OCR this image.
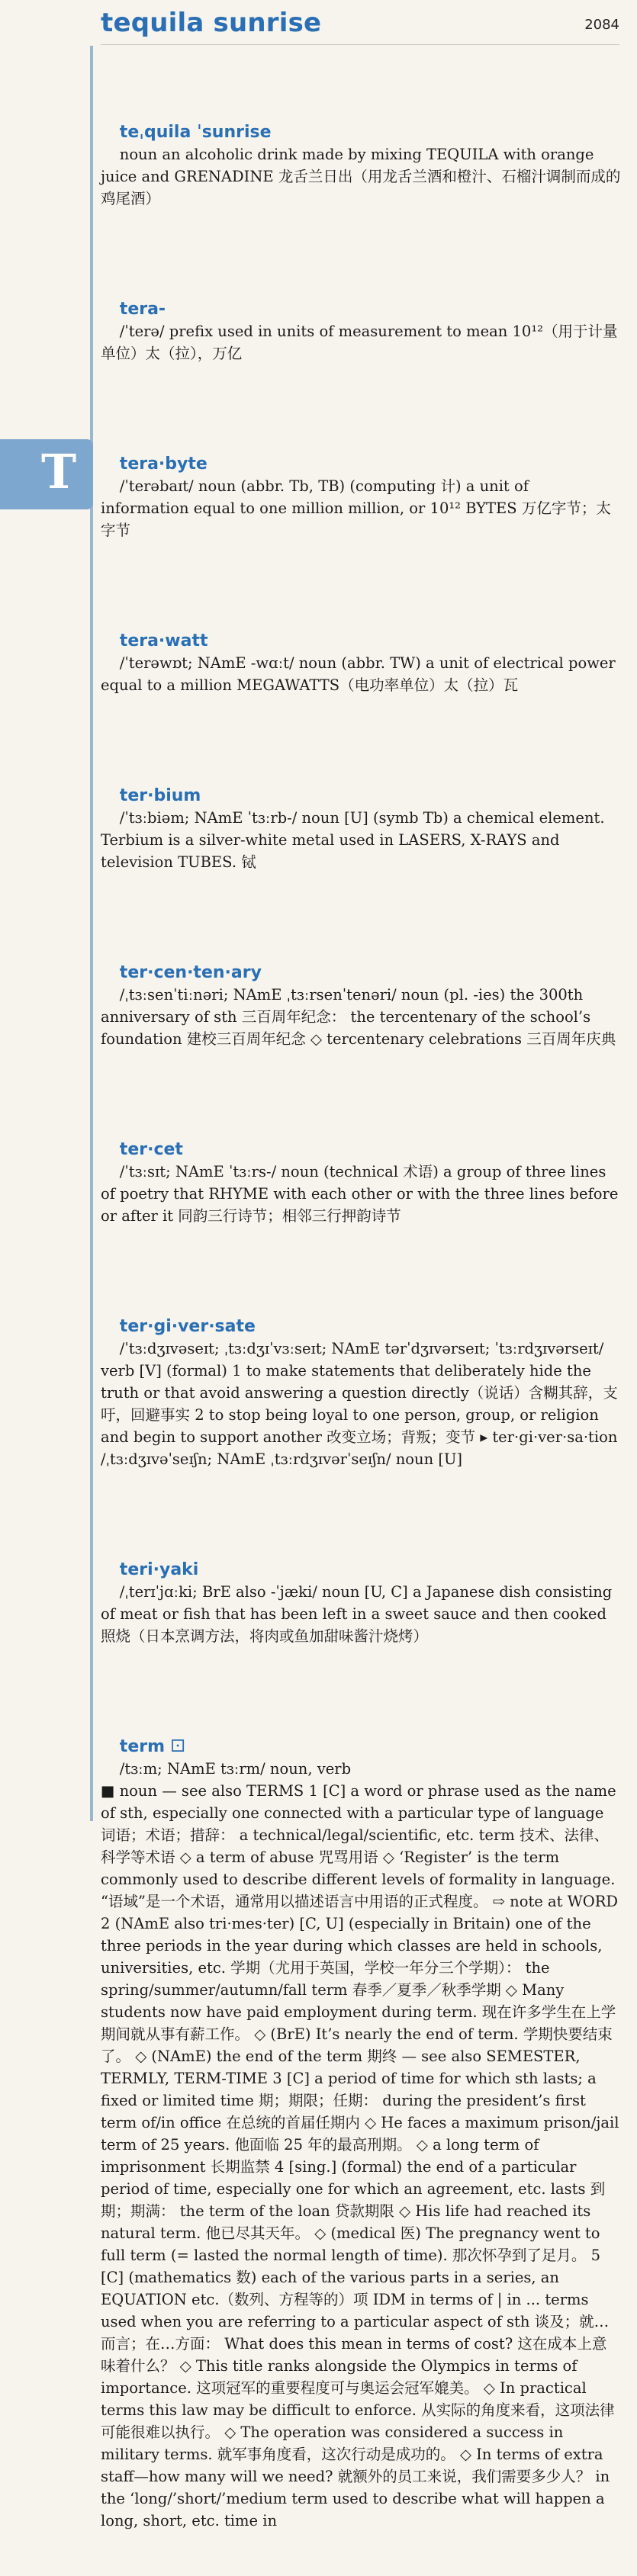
tequila sunrise	2084
T

teˌquila ˈsunrise
noun an alcoholic drink made by mixing TEQUILA with orange juice and GRENADINE 龙舌兰日出（用龙舌兰酒和橙汁、石榴汁调制而成的鸡尾酒）

tera-
/ˈterə/ prefix used in units of measurement to mean 10¹²（用于计量单位）太（拉），万亿

tera·byte
/ˈterəbaɪt/ noun (abbr. Tb, TB) (computing 计) a unit of information equal to one million million, or 10¹² BYTES 万亿字节；太字节

tera·watt
/ˈterəwɒt; NAmE -wɑːt/ noun (abbr. TW) a unit of electrical power equal to a million MEGAWATTS（电功率单位）太（拉）瓦

ter·bium
/ˈtɜːbiəm; NAmE ˈtɜːrb-/ noun [U] (symb Tb) a chemical element. Terbium is a silver-white metal used in LASERS, X-RAYS and television TUBES. 铽

ter·cen·ten·ary
/ˌtɜːsenˈtiːnəri; NAmE ˌtɜːrsenˈtenəri/ noun (pl. -ies) the 300th anniversary of sth 三百周年纪念： the tercentenary of the school’s foundation 建校三百周年纪念 ◇ tercentenary celebrations 三百周年庆典

ter·cet
/ˈtɜːsɪt; NAmE ˈtɜːrs-/ noun (technical 术语) a group of three lines of poetry that RHYME with each other or with the three lines before or after it 同韵三行诗节；相邻三行押韵诗节

ter·gi·ver·sate
/ˈtɜːdʒɪvəseɪt; ˌtɜːdʒɪˈvɜːseɪt; NAmE tərˈdʒɪvərseɪt; ˈtɜːrdʒɪvərseɪt/ verb [V] (formal) 1 to make statements that deliberately hide the truth or that avoid answering a question directly（说话）含糊其辞，支吁，回避事实 2 to stop being loyal to one person, group, or religion and begin to support another 改变立场；背叛；变节 ▸ ter·gi·ver·sa·tion /ˌtɜːdʒɪvəˈseɪʃn; NAmE ˌtɜːrdʒɪvərˈseɪʃn/ noun [U]

teri·yaki
/ˌterɪˈjɑːki; BrE also -ˈjæki/ noun [U, C] a Japanese dish consisting of meat or fish that has been left in a sweet sauce and then cooked 照烧（日本烹调方法，将肉或鱼加甜味酱汁烧烤）

term ⚀
/tɜːm; NAmE tɜːrm/ noun, verb
■ noun — see also TERMS 1 [C] a word or phrase used as the name of sth, especially one connected with a particular type of language 词语；术语；措辞： a technical/legal/scientific, etc. term 技术、法律、科学等术语 ◇ a term of abuse 咒骂用语 ◇ ‘Register’ is the term commonly used to describe different levels of formality in language. “语域”是一个术语，通常用以描述语言中用语的正式程度。 ⇨ note at WORD 2 (NAmE also tri·mes·ter) [C, U] (especially in Britain) one of the three periods in the year during which classes are held in schools, universities, etc. 学期（尤用于英国，学校一年分三个学期）： the spring/summer/autumn/fall term 春季／夏季／秋季学期 ◇ Many students now have paid employment during term. 现在许多学生在上学期间就从事有薪工作。 ◇ (BrE) It’s nearly the end of term. 学期快要结束了。 ◇ (NAmE) the end of the term 期终 — see also SEMESTER, TERMLY, TERM-TIME 3 [C] a period of time for which sth lasts; a fixed or limited time 期；期限；任期： during the president’s first term of/in office 在总统的首届任期内 ◇ He faces a maximum prison/jail term of 25 years. 他面临 25 年的最高刑期。 ◇ a long term of imprisonment 长期监禁 4 [sing.] (formal) the end of a particular period of time, especially one for which an agreement, etc. lasts 到期；期满： the term of the loan 贷款期限 ◇ His life had reached its natural term. 他已尽其天年。 ◇ (medical 医) The pregnancy went to full term (= lasted the normal length of time). 那次怀孕到了足月。 5 [C] (mathematics 数) each of the various parts in a series, an EQUATION etc.（数列、方程等的）项 IDM in terms of | in ... terms used when you are referring to a particular aspect of sth 谈及；就…而言；在…方面： What does this mean in terms of cost? 这在成本上意味着什么？ ◇ This title ranks alongside the Olympics in terms of importance. 这项冠军的重要程度可与奥运会冠军媲美。 ◇ In practical terms this law may be difficult to enforce. 从实际的角度来看，这项法律可能很难以执行。 ◇ The operation was considered a success in military terms. 就军事角度看，这次行动是成功的。 ◇ In terms of extra staff—how many will we need? 就额外的员工来说，我们需要多少人？ in the ‘long/’short/’medium term used to describe what will happen a long, short, etc. time in
